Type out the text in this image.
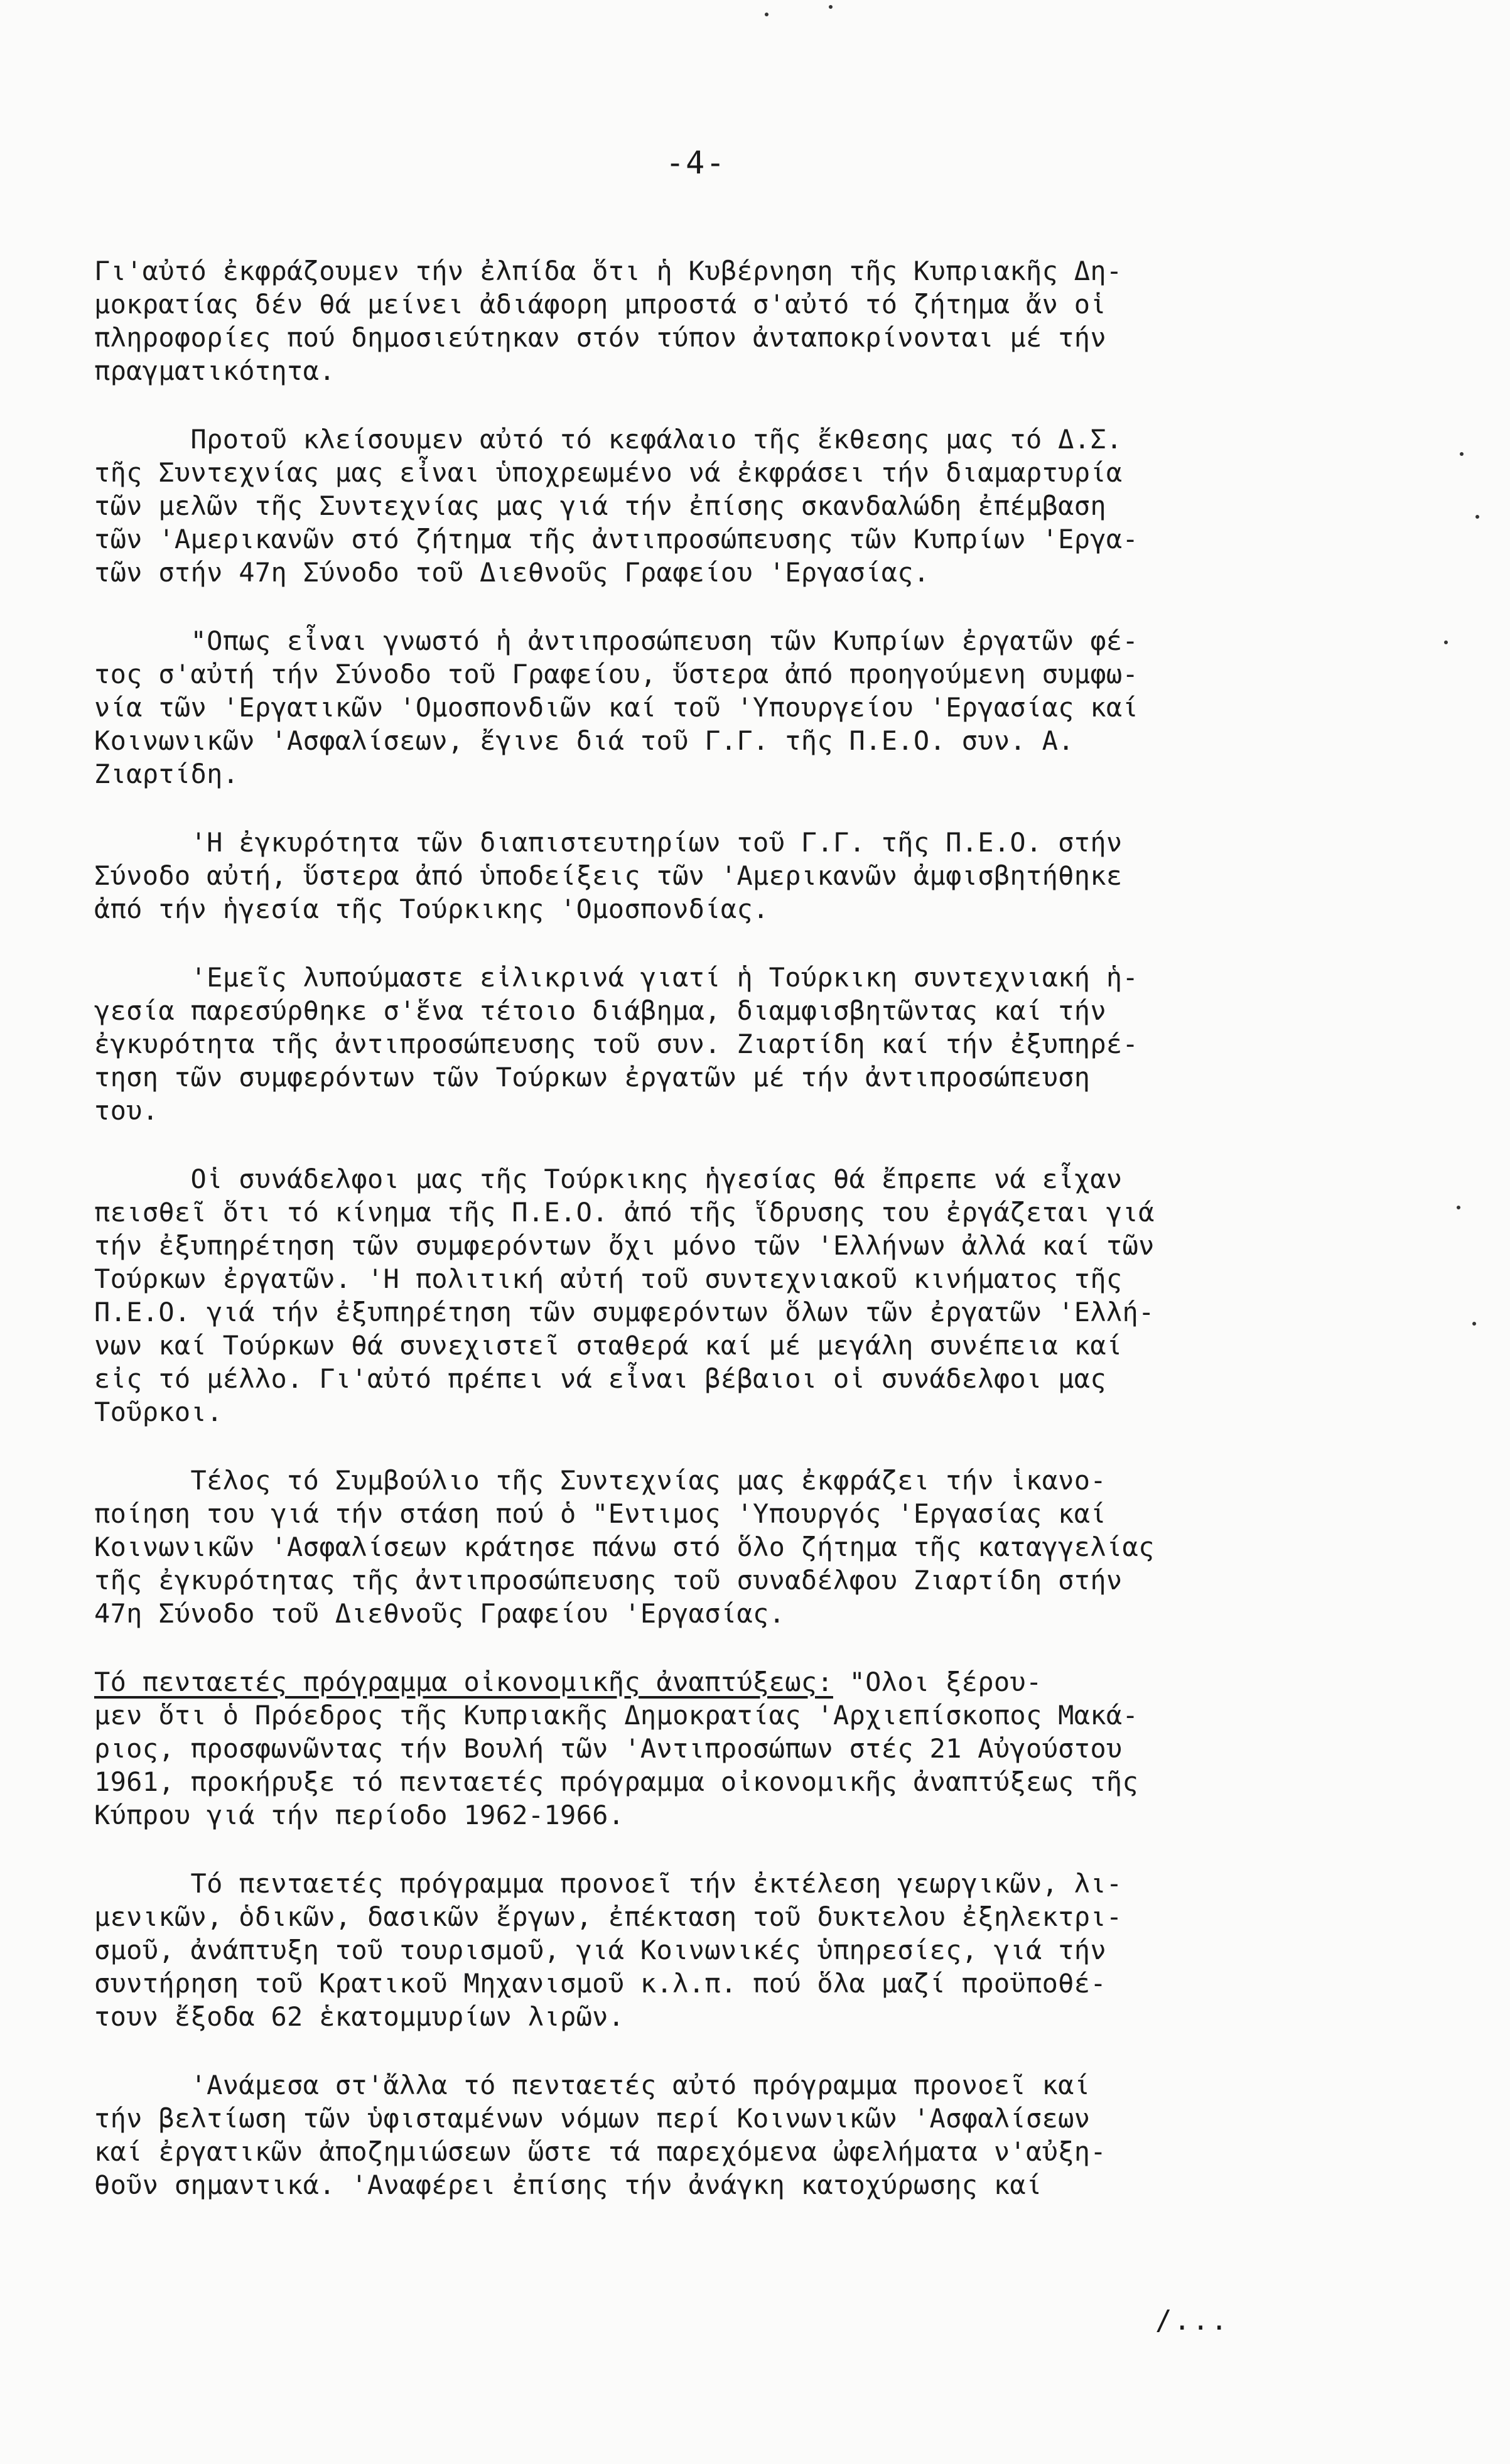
-4-
Γι'αὐτό ἐκφράζουμεν τήν ἐλπίδα ὅτι ἡ Κυβέρνηση τῆς Κυπριακῆς Δη-
μοκρατίας δέν θά μείνει ἀδιάφορη μπροστά σ'αὐτό τό ζήτημα ἄν οἱ
πληροφορίες πού δημοσιεύτηκαν στόν τύπον ἀνταποκρίνονται μέ τήν
πραγματικότητα.
Προτοῦ κλείσουμεν αὐτό τό κεφάλαιο τῆς ἔκθεσης μας τό Δ.Σ.
τῆς Συντεχνίας μας εἶναι ὑποχρεωμένο νά ἐκφράσει τήν διαμαρτυρία
τῶν μελῶν τῆς Συντεχνίας μας γιά τήν ἐπίσης σκανδαλώδη ἐπέμβαση
τῶν 'Αμερικανῶν στό ζήτημα τῆς ἀντιπροσώπευσης τῶν Κυπρίων 'Εργα-
τῶν στήν 47η Σύνοδο τοῦ Διεθνοῦς Γραφείου 'Εργασίας.
"Οπως εἶναι γνωστό ἡ ἀντιπροσώπευση τῶν Κυπρίων ἐργατῶν φέ-
τος σ'αὐτή τήν Σύνοδο τοῦ Γραφείου, ὕστερα ἀπό προηγούμενη συμφω-
νία τῶν 'Εργατικῶν 'Ομοσπονδιῶν καί τοῦ 'Υπουργείου 'Εργασίας καί
Κοινωνικῶν 'Ασφαλίσεων, ἔγινε διά τοῦ Γ.Γ. τῆς Π.Ε.Ο. συν. Α.
Ζιαρτίδη.
'Η ἐγκυρότητα τῶν διαπιστευτηρίων τοῦ Γ.Γ. τῆς Π.Ε.Ο. στήν
Σύνοδο αὐτή, ὕστερα ἀπό ὑποδείξεις τῶν 'Αμερικανῶν ἀμφισβητήθηκε
ἀπό τήν ἡγεσία τῆς Τούρκικης 'Ομοσπονδίας.
'Εμεῖς λυπούμαστε εἰλικρινά γιατί ἡ Τούρκικη συντεχνιακή ἡ-
γεσία παρεσύρθηκε σ'ἕνα τέτοιο διάβημα, διαμφισβητῶντας καί τήν
ἐγκυρότητα τῆς ἀντιπροσώπευσης τοῦ συν. Ζιαρτίδη καί τήν ἐξυπηρέ-
τηση τῶν συμφερόντων τῶν Τούρκων ἐργατῶν μέ τήν ἀντιπροσώπευση
του.
Οἱ συνάδελφοι μας τῆς Τούρκικης ἡγεσίας θά ἔπρεπε νά εἶχαν
πεισθεῖ ὅτι τό κίνημα τῆς Π.Ε.Ο. ἀπό τῆς ἵδρυσης του ἐργάζεται γιά
τήν ἐξυπηρέτηση τῶν συμφερόντων ὄχι μόνο τῶν 'Ελλήνων ἀλλά καί τῶν
Τούρκων ἐργατῶν. 'Η πολιτική αὐτή τοῦ συντεχνιακοῦ κινήματος τῆς
Π.Ε.Ο. γιά τήν ἐξυπηρέτηση τῶν συμφερόντων ὅλων τῶν ἐργατῶν 'Ελλή-
νων καί Τούρκων θά συνεχιστεῖ σταθερά καί μέ μεγάλη συνέπεια καί
εἰς τό μέλλο. Γι'αὐτό πρέπει νά εἶναι βέβαιοι οἱ συνάδελφοι μας
Τοῦρκοι.
Τέλος τό Συμβούλιο τῆς Συντεχνίας μας ἐκφράζει τήν ἱκανο-
ποίηση του γιά τήν στάση πού ὁ "Εντιμος 'Υπουργός 'Εργασίας καί
Κοινωνικῶν 'Ασφαλίσεων κράτησε πάνω στό ὅλο ζήτημα τῆς καταγγελίας
τῆς ἐγκυρότητας τῆς ἀντιπροσώπευσης τοῦ συναδέλφου Ζιαρτίδη στήν
47η Σύνοδο τοῦ Διεθνοῦς Γραφείου 'Εργασίας.
Τό πενταετές πρόγραμμα οἰκονομικῆς ἀναπτύξεως: "Ολοι ξέρου-
μεν ὅτι ὁ Πρόεδρος τῆς Κυπριακῆς Δημοκρατίας 'Αρχιεπίσκοπος Μακά-
ριος, προσφωνῶντας τήν Βουλή τῶν 'Αντιπροσώπων στές 21 Αὐγούστου
1961, προκήρυξε τό πενταετές πρόγραμμα οἰκονομικῆς ἀναπτύξεως τῆς
Κύπρου γιά τήν περίοδο 1962-1966.
Τό πενταετές πρόγραμμα προνοεῖ τήν ἐκτέλεση γεωργικῶν, λι-
μενικῶν, ὁδικῶν, δασικῶν ἔργων, ἐπέκταση τοῦ δυκτελου ἐξηλεκτρι-
σμοῦ, ἀνάπτυξη τοῦ τουρισμοῦ, γιά Κοινωνικές ὑπηρεσίες, γιά τήν
συντήρηση τοῦ Κρατικοῦ Μηχανισμοῦ κ.λ.π. πού ὅλα μαζί προϋποθέ-
τουν ἔξοδα 62 ἑκατομμυρίων λιρῶν.
'Ανάμεσα στ'ἄλλα τό πενταετές αὐτό πρόγραμμα προνοεῖ καί
τήν βελτίωση τῶν ὑφισταμένων νόμων περί Κοινωνικῶν 'Ασφαλίσεων
καί ἐργατικῶν ἀποζημιώσεων ὥστε τά παρεχόμενα ὠφελήματα ν'αὐξη-
θοῦν σημαντικά. 'Αναφέρει ἐπίσης τήν ἀνάγκη κατοχύρωσης καί
/...
